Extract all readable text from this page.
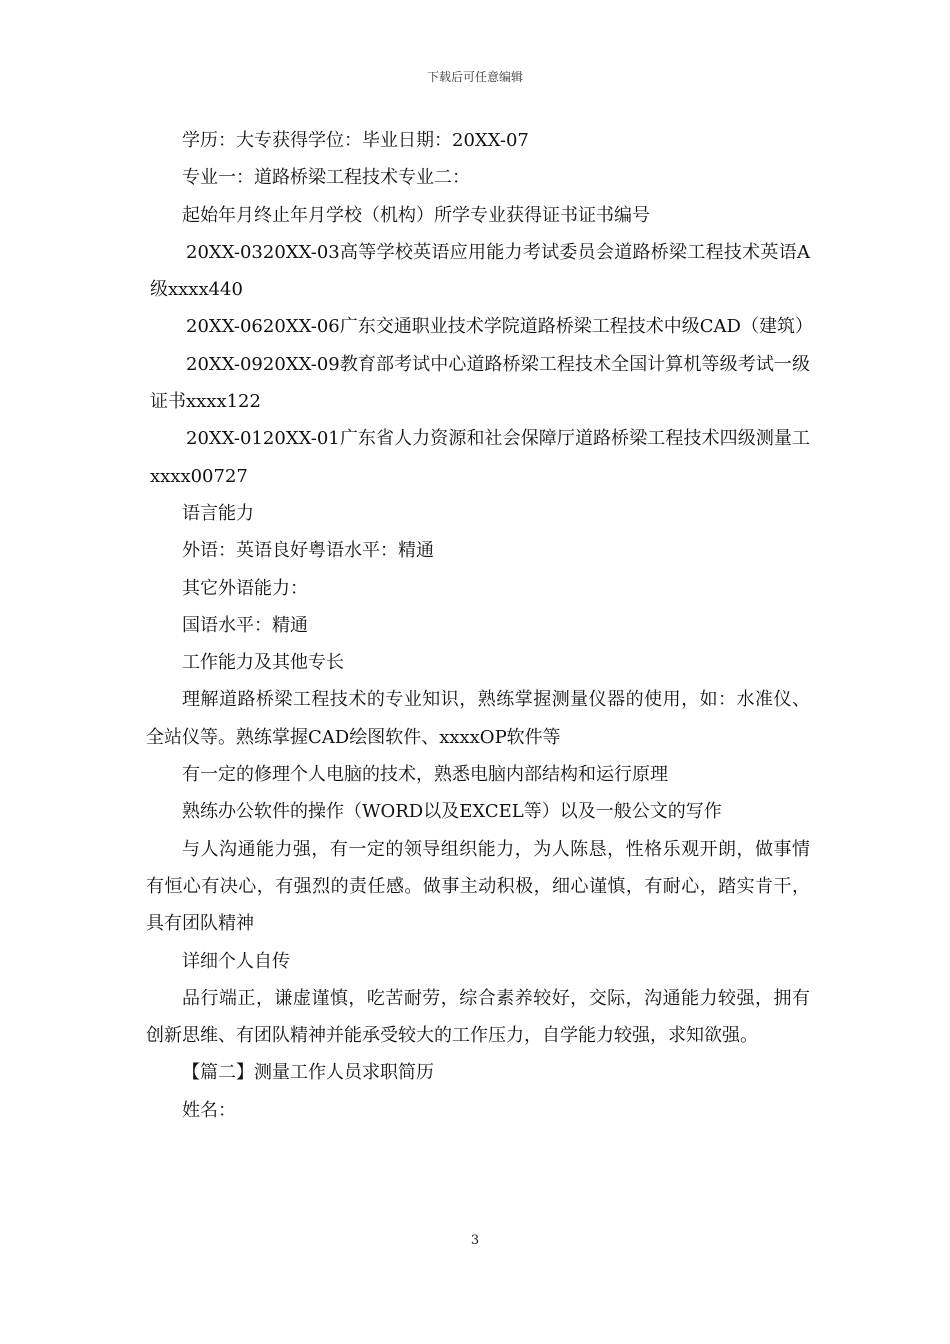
下载后可任意编辑

学历：大专获得学位：毕业日期：20XX-07

专业一：道路桥梁工程技术专业二：

起始年月终止年月学校（机构）所学专业获得证书证书编号

20XX-0320XX-03高等学校英语应用能力考试委员会道路桥梁工程技术英语A级xxxx440

20XX-0620XX-06广东交通职业技术学院道路桥梁工程技术中级CAD（建筑）

20XX-0920XX-09教育部考试中心道路桥梁工程技术全国计算机等级考试一级证书xxxx122

20XX-0120XX-01广东省人力资源和社会保障厅道路桥梁工程技术四级测量工xxxx00727

语言能力

外语：英语良好粤语水平：精通

其它外语能力：

国语水平：精通

工作能力及其他专长

理解道路桥梁工程技术的专业知识，熟练掌握测量仪器的使用，如：水准仪、全站仪等。熟练掌握CAD绘图软件、xxxxOP软件等

有一定的修理个人电脑的技术，熟悉电脑内部结构和运行原理

熟练办公软件的操作（WORD以及EXCEL等）以及一般公文的写作

与人沟通能力强，有一定的领导组织能力，为人陈恳，性格乐观开朗，做事情有恒心有决心，有强烈的责任感。做事主动积极，细心谨慎，有耐心，踏实肯干，具有团队精神

详细个人自传

品行端正，谦虚谨慎，吃苦耐劳，综合素养较好，交际，沟通能力较强，拥有创新思维、有团队精神并能承受较大的工作压力，自学能力较强，求知欲强。

【篇二】测量工作人员求职简历

姓名：

3
